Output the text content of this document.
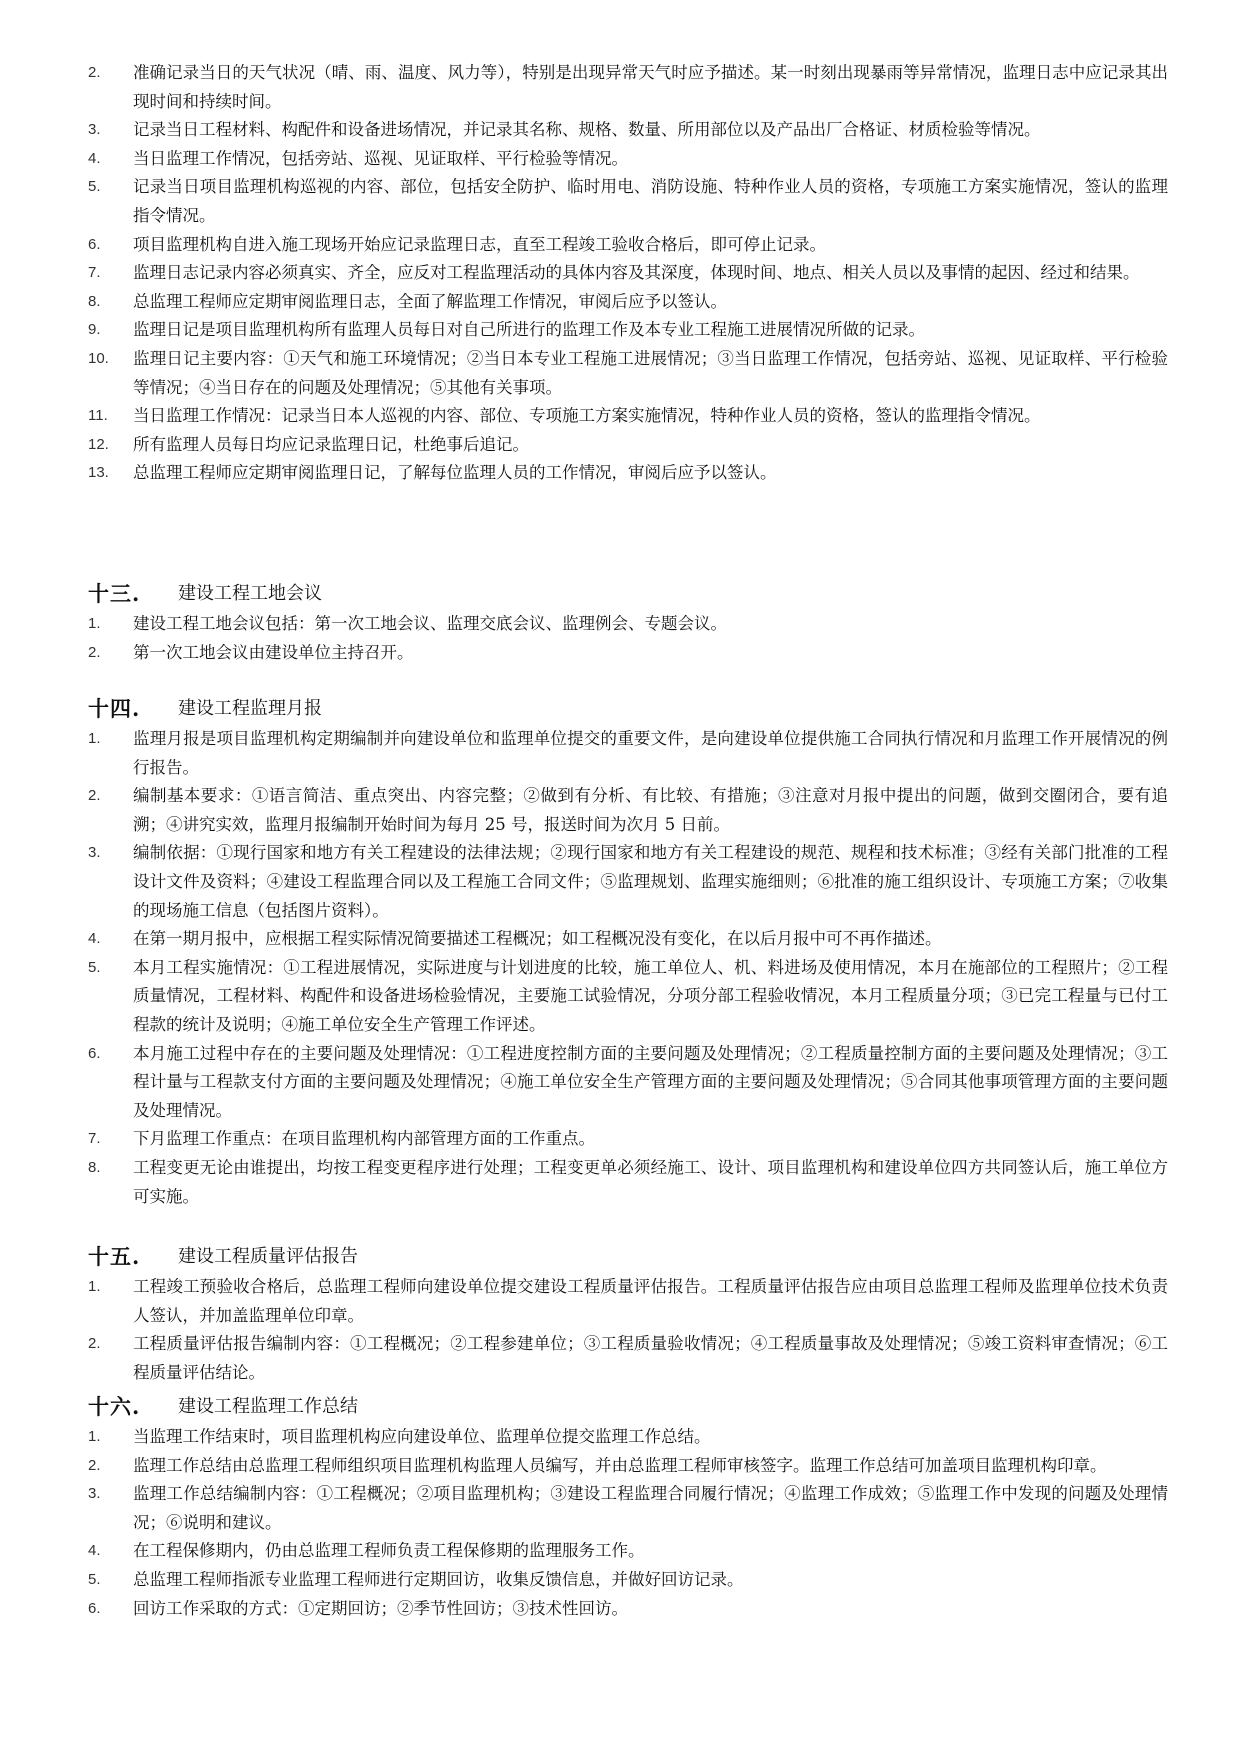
2. 准确记录当日的天气状况（晴、雨、温度、风力等），特别是出现异常天气时应予描述。某一时刻出现暴雨等异常情况，监理日志中应记录其出现时间和持续时间。
3. 记录当日工程材料、构配件和设备进场情况，并记录其名称、规格、数量、所用部位以及产品出厂合格证、材质检验等情况。
4. 当日监理工作情况，包括旁站、巡视、见证取样、平行检验等情况。
5. 记录当日项目监理机构巡视的内容、部位，包括安全防护、临时用电、消防设施、特种作业人员的资格，专项施工方案实施情况，签认的监理指令情况。
6. 项目监理机构自进入施工现场开始应记录监理日志，直至工程竣工验收合格后，即可停止记录。
7. 监理日志记录内容必须真实、齐全，应反对工程监理活动的具体内容及其深度，体现时间、地点、相关人员以及事情的起因、经过和结果。
8. 总监理工程师应定期审阅监理日志，全面了解监理工作情况，审阅后应予以签认。
9. 监理日记是项目监理机构所有监理人员每日对自己所进行的监理工作及本专业工程施工进展情况所做的记录。
10. 监理日记主要内容：①天气和施工环境情况；②当日本专业工程施工进展情况；③当日监理工作情况，包括旁站、巡视、见证取样、平行检验等情况；④当日存在的问题及处理情况；⑤其他有关事项。
11. 当日监理工作情况：记录当日本人巡视的内容、部位、专项施工方案实施情况，特种作业人员的资格，签认的监理指令情况。
12. 所有监理人员每日均应记录监理日记，杜绝事后追记。
13. 总监理工程师应定期审阅监理日记，了解每位监理人员的工作情况，审阅后应予以签认。
十三. 建设工程工地会议
1. 建设工程工地会议包括：第一次工地会议、监理交底会议、监理例会、专题会议。
2. 第一次工地会议由建设单位主持召开。
十四. 建设工程监理月报
1. 监理月报是项目监理机构定期编制并向建设单位和监理单位提交的重要文件，是向建设单位提供施工合同执行情况和月监理工作开展情况的例行报告。
2. 编制基本要求：①语言简洁、重点突出、内容完整；②做到有分析、有比较、有措施；③注意对月报中提出的问题，做到交圈闭合，要有追溯；④讲究实效，监理月报编制开始时间为每月 25 号，报送时间为次月 5 日前。
3. 编制依据：①现行国家和地方有关工程建设的法律法规；②现行国家和地方有关工程建设的规范、规程和技术标准；③经有关部门批准的工程设计文件及资料；④建设工程监理合同以及工程施工合同文件；⑤监理规划、监理实施细则；⑥批准的施工组织设计、专项施工方案；⑦收集的现场施工信息（包括图片资料）。
4. 在第一期月报中，应根据工程实际情况简要描述工程概况；如工程概况没有变化，在以后月报中可不再作描述。
5. 本月工程实施情况：①工程进展情况，实际进度与计划进度的比较，施工单位人、机、料进场及使用情况，本月在施部位的工程照片；②工程质量情况，工程材料、构配件和设备进场检验情况，主要施工试验情况，分项分部工程验收情况，本月工程质量分项；③已完工程量与已付工程款的统计及说明；④施工单位安全生产管理工作评述。
6. 本月施工过程中存在的主要问题及处理情况：①工程进度控制方面的主要问题及处理情况；②工程质量控制方面的主要问题及处理情况；③工程计量与工程款支付方面的主要问题及处理情况；④施工单位安全生产管理方面的主要问题及处理情况；⑤合同其他事项管理方面的主要问题及处理情况。
7. 下月监理工作重点：在项目监理机构内部管理方面的工作重点。
8. 工程变更无论由谁提出，均按工程变更程序进行处理；工程变更单必须经施工、设计、项目监理机构和建设单位四方共同签认后，施工单位方可实施。
十五. 建设工程质量评估报告
1. 工程竣工预验收合格后，总监理工程师向建设单位提交建设工程质量评估报告。工程质量评估报告应由项目总监理工程师及监理单位技术负责人签认，并加盖监理单位印章。
2. 工程质量评估报告编制内容：①工程概况；②工程参建单位；③工程质量验收情况；④工程质量事故及处理情况；⑤竣工资料审查情况；⑥工程质量评估结论。
十六. 建设工程监理工作总结
1. 当监理工作结束时，项目监理机构应向建设单位、监理单位提交监理工作总结。
2. 监理工作总结由总监理工程师组织项目监理机构监理人员编写，并由总监理工程师审核签字。监理工作总结可加盖项目监理机构印章。
3. 监理工作总结编制内容：①工程概况；②项目监理机构；③建设工程监理合同履行情况；④监理工作成效；⑤监理工作中发现的问题及处理情况；⑥说明和建议。
4. 在工程保修期内，仍由总监理工程师负责工程保修期的监理服务工作。
5. 总监理工程师指派专业监理工程师进行定期回访，收集反馈信息，并做好回访记录。
6. 回访工作采取的方式：①定期回访；②季节性回访；③技术性回访。
